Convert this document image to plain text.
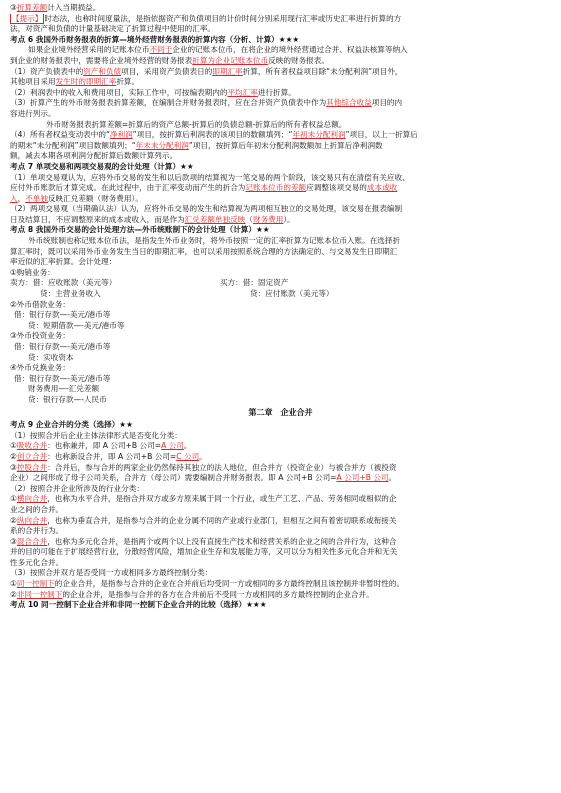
③折算差额计入当期损益。
【提示】 时态法，也称时间度量法，是指依据资产和负债项目的计价时间分别采用现行汇率或历史汇率进行折算的方
法，对资产和负债的计量基础决定了折算过程中使用的汇率。
考点 6 我国外币财务报表的折算—境外经营财务报表的折算内容（分析、计算）★★★
如果企业境外经营采用的记账本位币不同于企业的记账本位币，在将企业的境外经营通过合并、权益法核算等纳入
到企业的财务报表中，需要将企业境外经营的财务报表折算为企业记账本位币反映的财务报表。
（1）资产负债表中的资产和负债项目，采用资产负债表日的即期汇率折算，所有者权益项目除“未分配利润”项目外，
其他项目采用发生时的即期汇率折算。
（2）利润表中的收入和费用项目，实际工作中，可按编表期内的平均汇率进行折算。
（3）折算产生的外币财务报表折算差额，在编制合并财务报表时，应在合并资产负债表中作为其他综合收益项目的内
容进行列示。
外币财务报表折算差额=折算后的资产总额-折算后的负债总额-折算后的所有者权益总额。
（4）所有者权益变动表中的“净利润”项目，按折算后利润表的该项目的数额填列；“年初未分配利润”项目，以上一折算后
的期末“未分配利润”项目数额填列；“年末未分配利润”项目，按折算后年初未分配利润数额加上折算后净利润数
额，减去本期各项利润分配折算后数额计算列示。
考点 7 单项交易和两项交易观的会计处理（计算）★★
（1）单项交易观认为，应将外币交易的发生和以后款项的结算视为一笔交易的两个阶段，该交易只有在清偿有关应收、
应付外币账款后才算完成。在此过程中，由于汇率变动而产生的折合为记账本位币的差额应调整该项交易的成本或收
入，不单独反映汇兑差额（财务费用）。
（2）两项交易观（当期确认法）认为，应将外币交易的发生和结算视为两项相互独立的交易处理，该交易在报表编制
日及结算日，不应调整原来的成本或收入，而是作为汇兑差额单独反映（财务费用）。
考点 8 我国外币交易的会计处理方法—外币统账制下的会计处理（计算）★★
外币统账制也称记账本位币法，是指发生外币业务时，将外币按照一定的汇率折算为记账本位币入账。在选择折
算汇率时，既可以采用外币业务发生当日的即期汇率，也可以采用按照系统合理的方法确定的、与交易发生日即期汇
率近似的汇率折算。会计处理：
①购销业务：
卖方：借：应收账款（美元等）	买方：借：固定资产
贷：主营业务收入	贷：应付账款（美元等）
②外币借款业务：
借：银行存款—-美元/港币等
贷：短期借款—-美元/港币等
③外币投资业务：
借：银行存款—-美元/港币等
贷：实收资本
④外币兑换业务：
借：银行存款—-美元/港币等
财务费用—-汇兑差额
贷：银行存款—-人民币
第二章　企业合并
考点 9 企业合并的分类（选择）★★
（1）按照合并后企业主体法律形式是否变化分类：
①吸收合并：也称兼并，即 A 公司+B 公司=A 公司。
②创立合并：也称新设合并，即 A 公司+B 公司=C 公司。
③控股合并：合并后，参与合并的两家企业仍然保持其独立的法人地位，但合并方（投资企业）与被合并方（被投资
企业）之间形成了母子公司关系，合并方（母公司）需要编制合并财务报表。即 A 公司+B 公司=A 公司+B 公司。
（2）按照合并企业所涉及的行业分类：
①横向合并，也称为水平合并，是指合并双方或多方原来属于同一个行业，或生产工艺、产品、劳务相同或相似的企
业之间的合并。
②纵向合并，也称为垂直合并，是指参与合并的企业分属不同的产业或行业部门，但相互之间有着密切联系或衔接关
系的合并行为。
③混合合并，也称为多元化合并，是指两个或两个以上没有直接生产技术和经营关系的企业之间的合并行为，这种合
并的目的可能在于扩展经营行业，分散经营风险，增加企业生存和发展能力等，又可以分为相关性多元化合并和无关
性多元化合并。
（3）按照合并双方是否受同一方或相同多方最终控制分类：
①同一控制下的企业合并，是指参与合并的企业在合并前后均受同一方或相同的多方最终控制且该控制并非暂时性的。
②非同一控制下的企业合并，是指参与合并的各方在合并前后不受同一方或相同的多方最终控制的企业合并。
考点 10 同一控制下企业合并和非同一控制下企业合并的比较（选择）★★★
